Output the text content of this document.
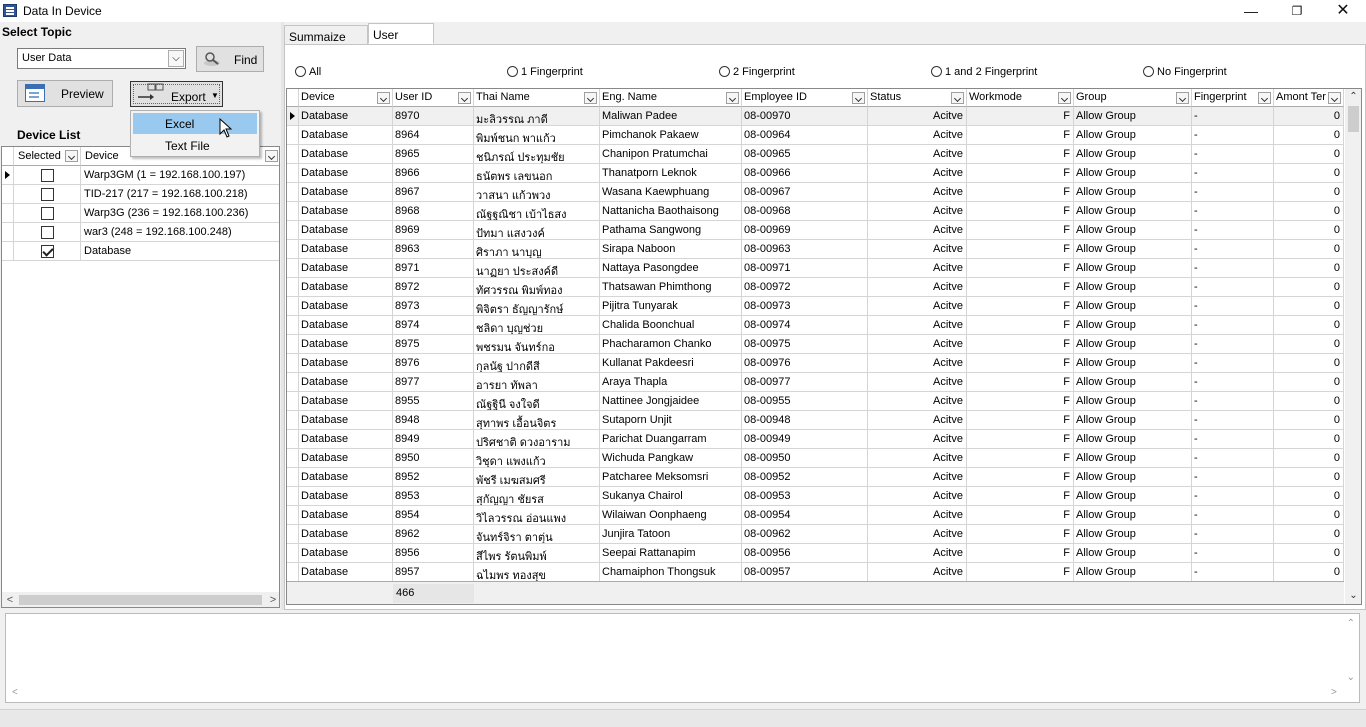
Data In Device	—	❐	✕
Select Topic
User Data	⌵	Find
Preview	Export ▼
Device List
Selected	Device
Warp3GM (1 = 192.168.100.197)
TID-217 (217 = 192.168.100.218)
Warp3G (236 = 192.168.100.236)
war3 (248 = 192.168.100.248)
Database
<	>
Excel
Text File
Summaize	User
All	1 Fingerprint	2 Fingerprint	1 and 2 Fingerprint	No Fingerprint
Device	User ID	Thai Name	Eng. Name	Employee ID	Status	Workmode	Group	Fingerprint	Amont Ter
Database	8970	มะลิวรรณ ภาดี	Maliwan Padee	08-00970	Acitve	F Allow Group	-	0
Database	8964	พิมพ์ชนก พาแก้ว	Pimchanok Pakaew	08-00964	Acitve	F Allow Group	-	0
Database	8965	ชนิภรณ์ ประทุมชัย	Chanipon Pratumchai	08-00965	Acitve	F Allow Group	-	0
Database	8966	ธนัตพร เลขนอก	Thanatporn Leknok	08-00966	Acitve	F Allow Group	-	0
Database	8967	วาสนา แก้วพวง	Wasana Kaewphuang	08-00967	Acitve	F Allow Group	-	0
Database	8968	ณัฐฐณิชา เบ้าไธสง	Nattanicha Baothaisong	08-00968	Acitve	F Allow Group	-	0
Database	8969	ปัทมา แสงวงค์	Pathama Sangwong	08-00969	Acitve	F Allow Group	-	0
Database	8963	ศิราภา นาบุญ	Sirapa Naboon	08-00963	Acitve	F Allow Group	-	0
Database	8971	นาฏยา ประสงค์ดี	Nattaya Pasongdee	08-00971	Acitve	F Allow Group	-	0
Database	8972	ทัศวรรณ พิมพ์ทอง	Thatsawan Phimthong	08-00972	Acitve	F Allow Group	-	0
Database	8973	พิจิตรา ธัญญารักษ์	Pijitra Tunyarak	08-00973	Acitve	F Allow Group	-	0
Database	8974	ชลิดา บุญช่วย	Chalida Boonchual	08-00974	Acitve	F Allow Group	-	0
Database	8975	พชรมน จันทร์กอ	Phacharamon Chanko	08-00975	Acitve	F Allow Group	-	0
Database	8976	กุลนัฐ ปากดีสี	Kullanat Pakdeesri	08-00976	Acitve	F Allow Group	-	0
Database	8977	อารยา ทัพลา	Araya Thapla	08-00977	Acitve	F Allow Group	-	0
Database	8955	ณัฐฐินี จงใจดี	Nattinee Jongjaidee	08-00955	Acitve	F Allow Group	-	0
Database	8948	สุทาพร เอื้อนจิตร	Sutaporn Unjit	08-00948	Acitve	F Allow Group	-	0
Database	8949	ปริศชาติ ดวงอาราม	Parichat Duangarram	08-00949	Acitve	F Allow Group	-	0
Database	8950	วิชุดา แพงแก้ว	Wichuda Pangkaw	08-00950	Acitve	F Allow Group	-	0
Database	8952	พัชรี เมฆสมศรี	Patcharee Meksomsri	08-00952	Acitve	F Allow Group	-	0
Database	8953	สุกัญญา ชัยรส	Sukanya Chairol	08-00953	Acitve	F Allow Group	-	0
Database	8954	วิไลวรรณ อ่อนแพง	Wilaiwan Oonphaeng	08-00954	Acitve	F Allow Group	-	0
Database	8962	จันทร์จิรา ตาตุ่น	Junjira Tatoon	08-00962	Acitve	F Allow Group	-	0
Database	8956	สีไพร รัตนพิมพ์	Seepai Rattanapim	08-00956	Acitve	F Allow Group	-	0
Database	8957	ฉไมพร ทองสุข	Chamaiphon Thongsuk	08-00957	Acitve	F Allow Group	-	0
466
⌃
⌄
⌃
⌄
<	>
